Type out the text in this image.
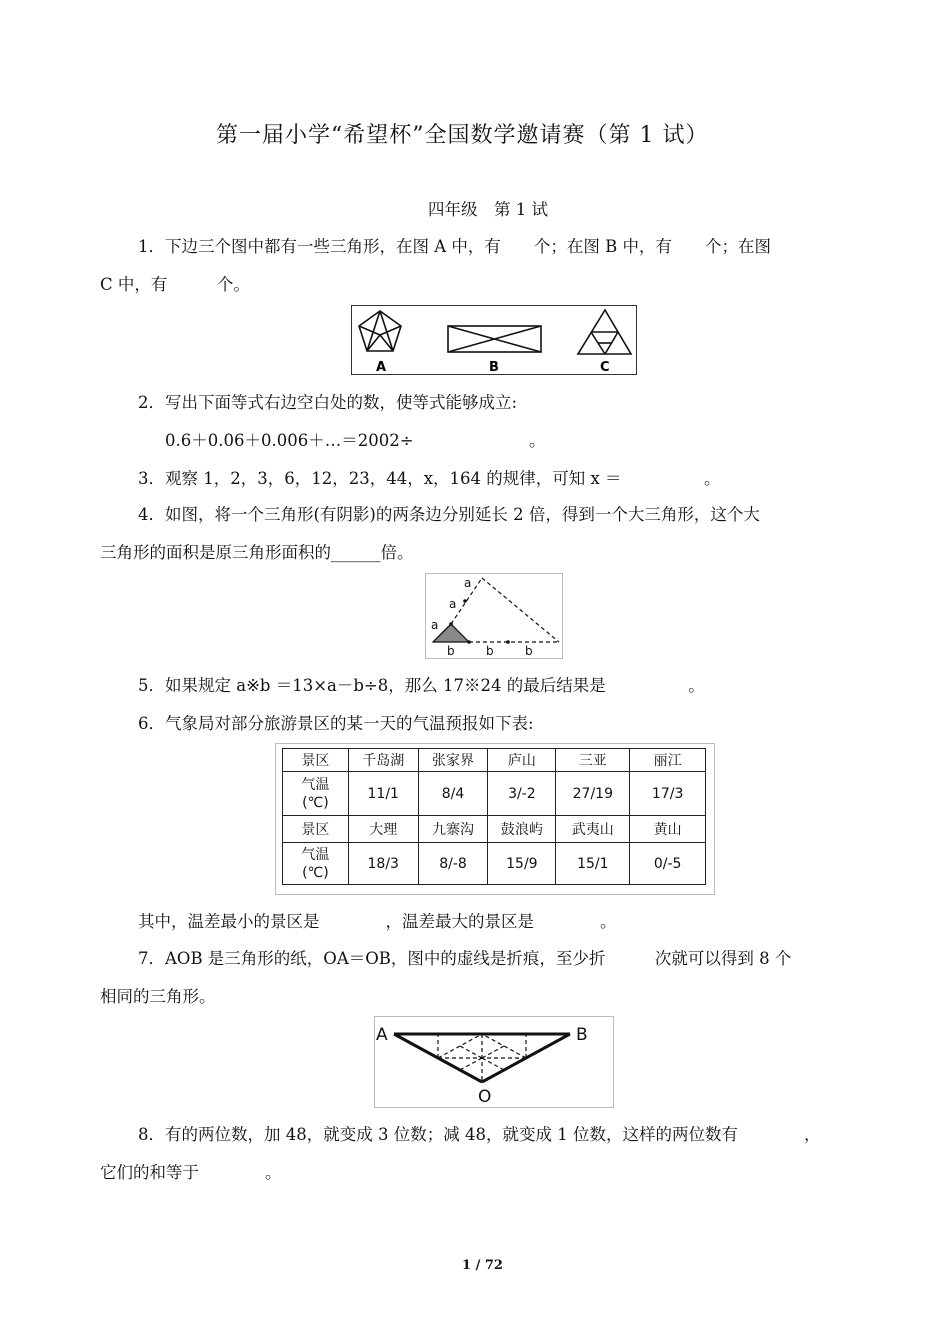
第一届小学“希望杯”全国数学邀请赛（第 1 试）
四年级　第 1 试
1．下边三个图中都有一些三角形，在图 A 中，有　　个；在图 B 中，有　　个；在图
C 中，有　　　个。
A	B	C
2．写出下面等式右边空白处的数，使等式能够成立:
0.6＋0.06＋0.006＋…＝2002÷　　　　　　　。
3．观察 1，2，3，6，12，23，44，x，164 的规律，可知 x ＝　　　　　。
4．如图，将一个三角形(有阴影)的两条边分别延长 2 倍，得到一个大三角形，这个大
三角形的面积是原三角形面积的______倍。
a
a
a
b	b	b
5．如果规定 a※b ＝13×a－b÷8，那么 17※24 的最后结果是　　　　　。
6．气象局对部分旅游景区的某一天的气温预报如下表:
景区	千岛湖	张家界	庐山	三亚	丽江
气温
(℃)	11/1	8/4	3/-2	27/19	17/3
景区	大理	九寨沟	鼓浪屿	武夷山	黄山
气温
(℃)	18/3	8/-8	15/9	15/1	0/-5
其中，温差最小的景区是　　　　，温差最大的景区是　　　　。
7．AOB 是三角形的纸，OA＝OB，图中的虚线是折痕，至少折　　　次就可以得到 8 个
相同的三角形。
A	B
O
8．有的两位数，加 48，就变成 3 位数；减 48，就变成 1 位数，这样的两位数有　　　　，
它们的和等于　　　　。
1 / 72
